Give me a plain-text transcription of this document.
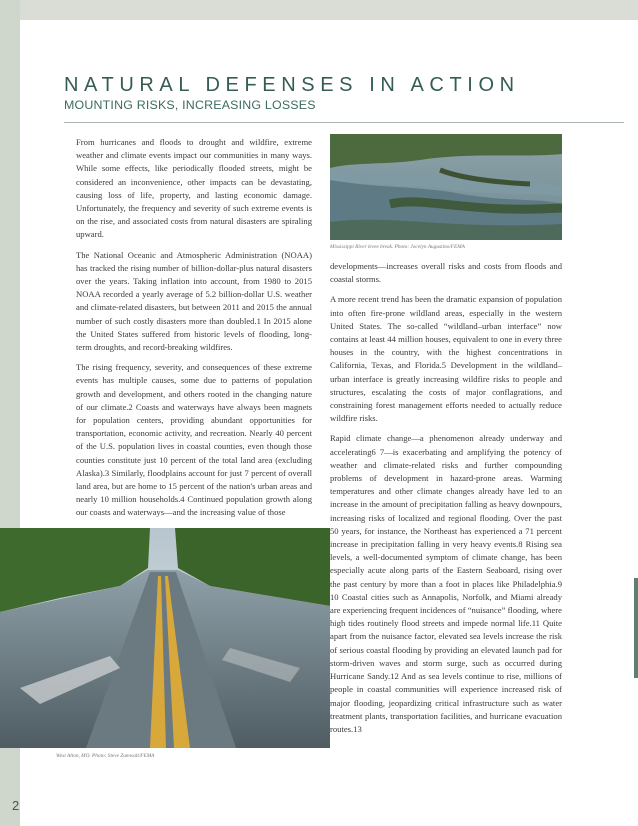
NATURAL DEFENSES IN ACTION
MOUNTING RISKS, INCREASING LOSSES

From hurricanes and floods to drought and wildfire, extreme weather and climate events impact our communities in many ways. While some effects, like periodically flooded streets, might be considered an inconvenience, other impacts can be devastating, causing loss of life, property, and lasting economic damage. Unfortunately, the frequency and severity of such extreme events is on the rise, and associated costs from natural disasters are spiraling upward.

The National Oceanic and Atmospheric Administration (NOAA) has tracked the rising number of billion-dollar-plus natural disasters over the years. Taking inflation into account, from 1980 to 2015 NOAA recorded a yearly average of 5.2 billion-dollar U.S. weather and climate-related disasters, but between 2011 and 2015 the annual number of such costly disasters more than doubled.1 In 2015 alone the United States suffered from historic levels of flooding, long-term droughts, and record-breaking wildfires.

The rising frequency, severity, and consequences of these extreme events has multiple causes, some due to patterns of population growth and development, and others rooted in the changing nature of our climate.2 Coasts and waterways have always been magnets for population centers, providing abundant opportunities for transportation, economic activity, and recreation. Nearly 40 percent of the U.S. population lives in coastal counties, even though those counties constitute just 10 percent of the total land area (excluding Alaska).3 Similarly, floodplains account for just 7 percent of overall land area, but are home to 15 percent of the nation's urban areas and nearly 10 million households.4 Continued population growth along our coasts and waterways—and the increasing value of those

Mississippi River levee break. Photo: Jocelyn Augustino/FEMA

developments—increases overall risks and costs from floods and coastal storms.

A more recent trend has been the dramatic expansion of population into often fire-prone wildland areas, especially in the western United States. The so-called “wildland–urban interface” now contains at least 44 million houses, equivalent to one in every three houses in the country, with the highest concentrations in California, Texas, and Florida.5 Development in the wildland–urban interface is greatly increasing wildfire risks to people and structures, escalating the costs of major conflagrations, and constraining forest management efforts needed to actually reduce wildfire risks.

Rapid climate change—a phenomenon already underway and accelerating6 7—is exacerbating and amplifying the potency of weather and climate-related risks and further compounding problems of development in hazard-prone areas. Warming temperatures and other climate changes already have led to an increase in the amount of precipitation falling as heavy downpours, increasing risks of localized and regional flooding. Over the past 50 years, for instance, the Northeast has experienced a 71 percent increase in precipitation falling in very heavy events.8 Rising sea levels, a well-documented symptom of climate change, has been especially acute along parts of the Eastern Seaboard, rising over the past century by more than a foot in places like Philadelphia.9 10 Coastal cities such as Annapolis, Norfolk, and Miami already are experiencing frequent incidences of “nuisance” flooding, where high tides routinely flood streets and impede normal life.11 Quite apart from the nuisance factor, elevated sea levels increase the risk of serious coastal flooding by providing an elevated launch pad for storm-driven waves and storm surge, such as occurred during Hurricane Sandy.12 And as sea levels continue to rise, millions of people in coastal communities will experience increased risk of major flooding, jeopardizing critical infrastructure such as water treatment plants, transportation facilities, and hurricane evacuation routes.13

West Alton, MO. Photo: Steve Zumwalt/FEMA
2
